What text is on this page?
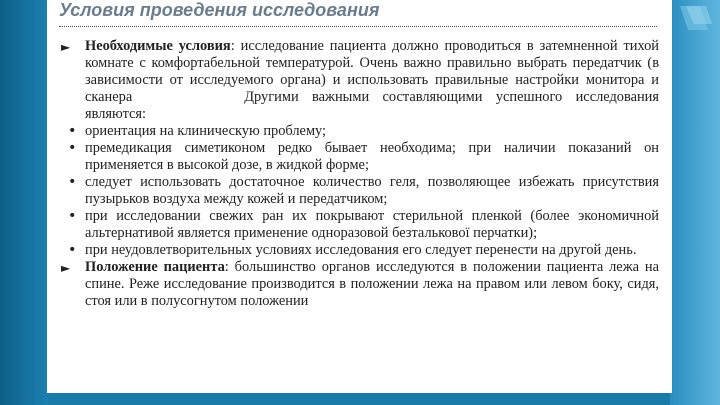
Условия проведения исследования
► Необходимые условия: исследование пациента должно проводиться в затемненной тихой комнате с комфортабельной температурой. Очень важно правильно выбрать передатчик (в зависимости от исследуемого органа) и использовать правильные настройки монитора и сканера	Другими важными составляющими успешного исследования являются:
• ориентация на клиническую проблему;
• премедикация симетиконом редко бывает необходима; при наличии показаний он применяется в высокой дозе, в жидкой форме;
• следует использовать достаточное количество геля, позволяющее избежать присутствия пузырьков воздуха между кожей и передатчиком;
• при исследовании свежих ран их покрывают стерильной пленкой (более экономичной альтернативой является применение одноразовой безталькової перчатки);
• при неудовлетворительных условиях исследования его следует перенести на другой день.
► Положение пациента: большинство органов исследуются в положении пациента лежа на спине. Реже исследование производится в положении лежа на правом или левом боку, сидя, стоя или в полусогнутом положении
